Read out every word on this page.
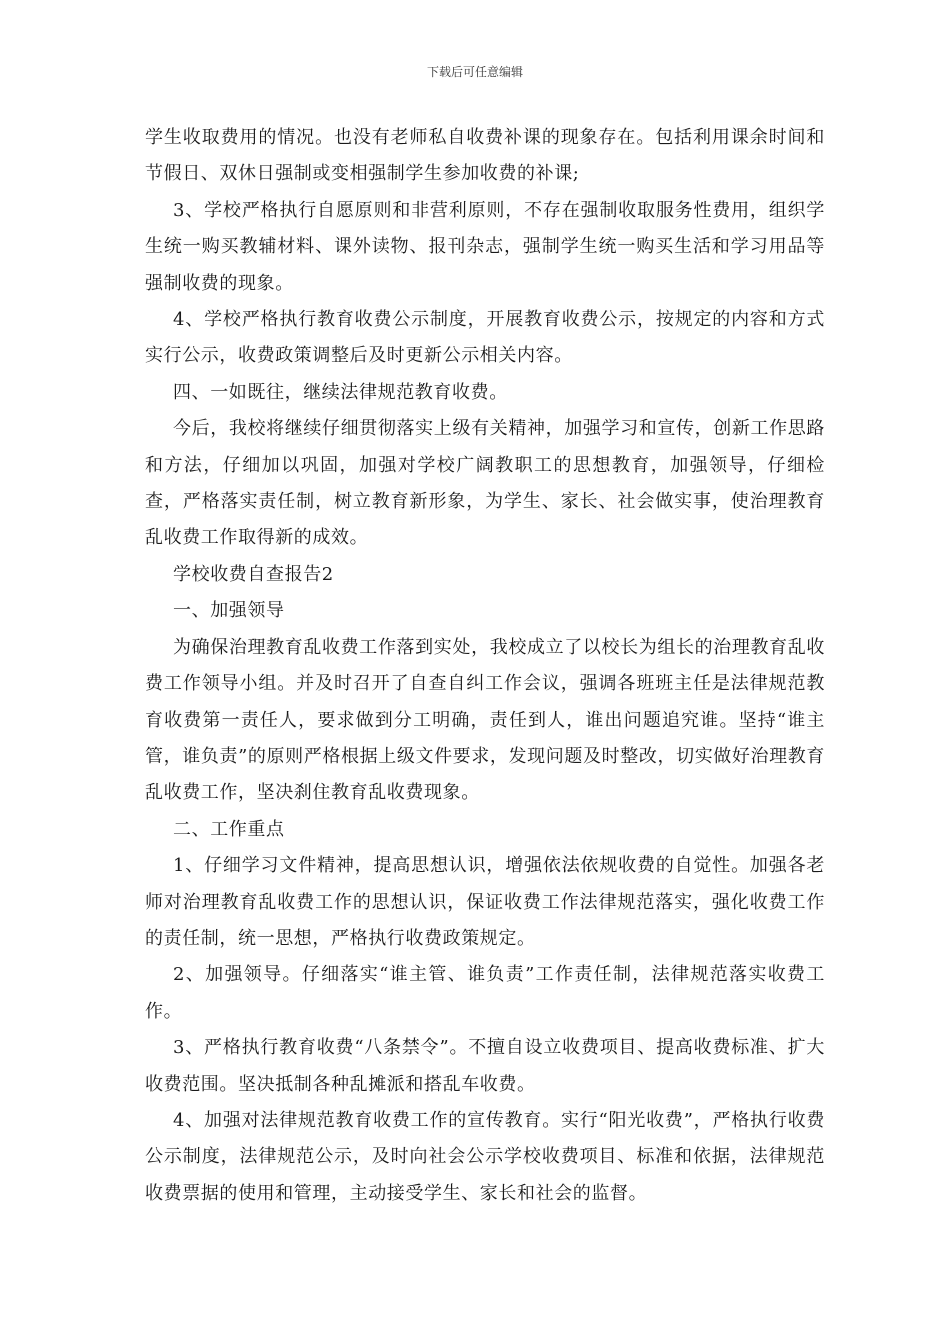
下载后可任意编辑

学生收取费用的情况。也没有老师私自收费补课的现象存在。包括利用课余时间和节假日、双休日强制或变相强制学生参加收费的补课;

3、学校严格执行自愿原则和非营利原则，不存在强制收取服务性费用，组织学生统一购买教辅材料、课外读物、报刊杂志，强制学生统一购买生活和学习用品等强制收费的现象。

4、学校严格执行教育收费公示制度，开展教育收费公示，按规定的内容和方式实行公示，收费政策调整后及时更新公示相关内容。

四、一如既往，继续法律规范教育收费。

今后，我校将继续仔细贯彻落实上级有关精神，加强学习和宣传，创新工作思路和方法，仔细加以巩固，加强对学校广阔教职工的思想教育，加强领导，仔细检查，严格落实责任制，树立教育新形象，为学生、家长、社会做实事，使治理教育乱收费工作取得新的成效。

学校收费自查报告2

一、加强领导

为确保治理教育乱收费工作落到实处，我校成立了以校长为组长的治理教育乱收费工作领导小组。并及时召开了自查自纠工作会议，强调各班班主任是法律规范教育收费第一责任人，要求做到分工明确，责任到人，谁出问题追究谁。坚持“谁主管，谁负责”的原则严格根据上级文件要求，发现问题及时整改，切实做好治理教育乱收费工作，坚决刹住教育乱收费现象。

二、工作重点

1、仔细学习文件精神，提高思想认识，增强依法依规收费的自觉性。加强各老师对治理教育乱收费工作的思想认识，保证收费工作法律规范落实，强化收费工作的责任制，统一思想，严格执行收费政策规定。

2、加强领导。仔细落实“谁主管、谁负责”工作责任制，法律规范落实收费工作。

3、严格执行教育收费“八条禁令”。不擅自设立收费项目、提高收费标准、扩大收费范围。坚决抵制各种乱摊派和搭乱车收费。

4、加强对法律规范教育收费工作的宣传教育。实行“阳光收费”，严格执行收费公示制度，法律规范公示，及时向社会公示学校收费项目、标准和依据，法律规范收费票据的使用和管理，主动接受学生、家长和社会的监督。
